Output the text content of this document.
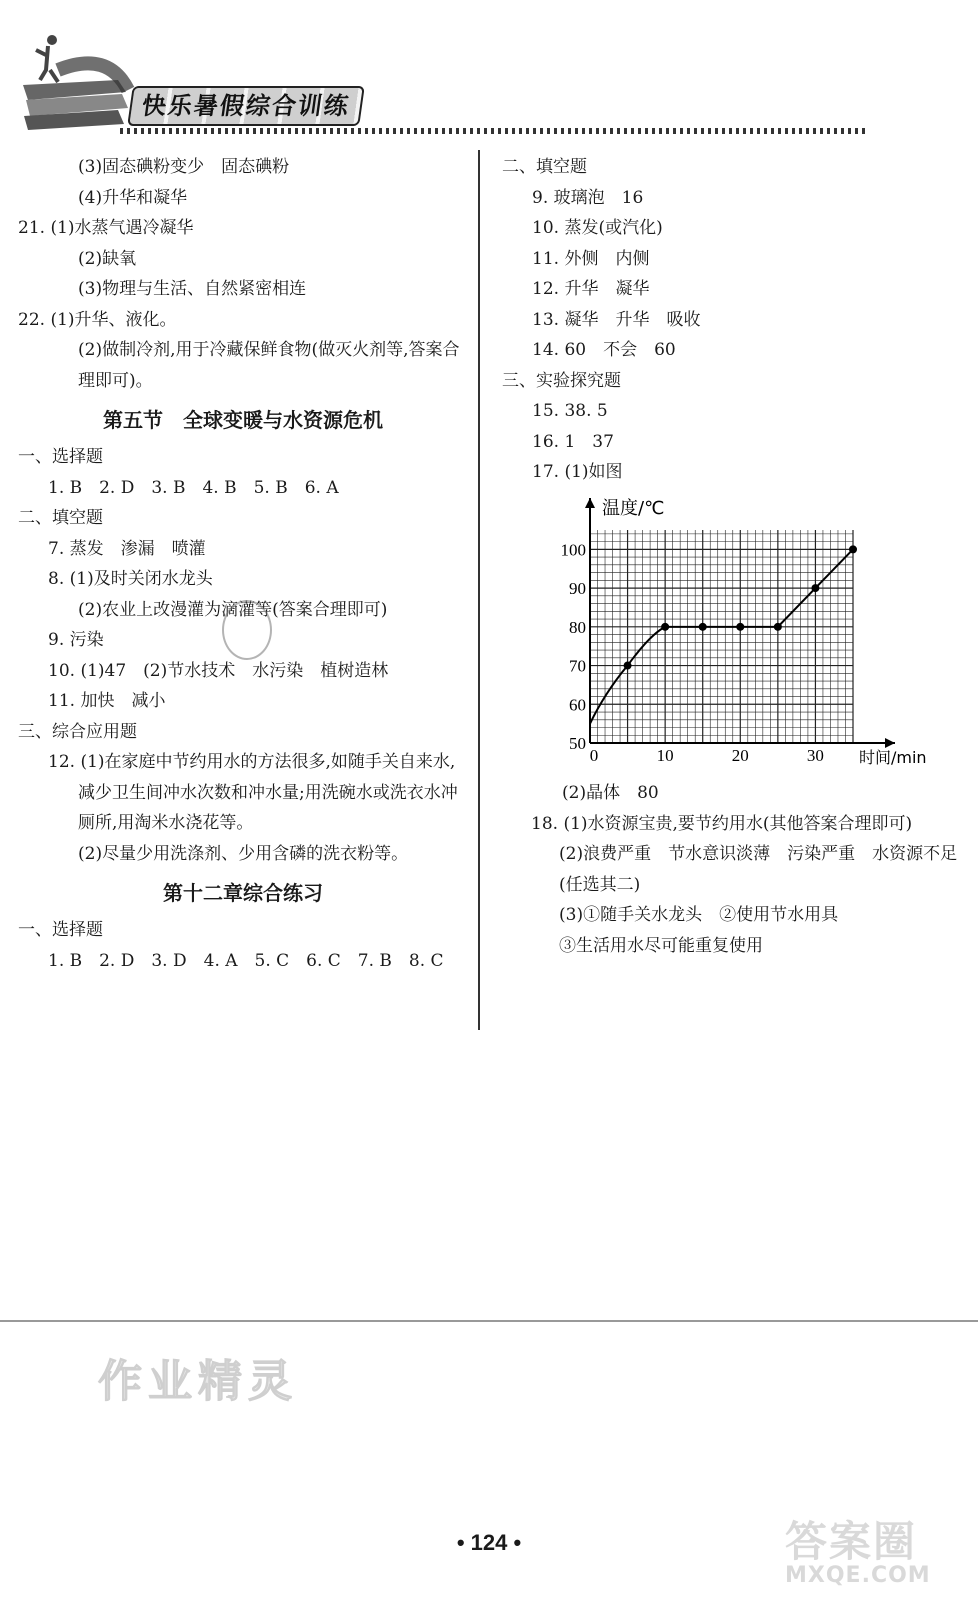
快乐暑假综合训练
(3)固态碘粉变少　固态碘粉
(4)升华和凝华
21. (1)水蒸气遇冷凝华
(2)缺氧
(3)物理与生活、自然紧密相连
22. (1)升华、液化。
(2)做制冷剂,用于冷藏保鲜食物(做灭火剂等,答案合理即可)。
第五节　全球变暖与水资源危机
一、选择题
1. B　2. D　3. B　4. B　5. B　6. A
二、填空题
7. 蒸发　渗漏　喷灌
8. (1)及时关闭水龙头
(2)农业上改漫灌为滴灌等(答案合理即可)
9. 污染
10. (1)47　(2)节水技术　水污染　植树造林
11. 加快　减小
三、综合应用题
12. (1)在家庭中节约用水的方法很多,如随手关自来水,减少卫生间冲水次数和冲水量;用洗碗水或洗衣水冲厕所,用淘米水浇花等。
(2)尽量少用洗涤剂、少用含磷的洗衣粉等。
第十二章综合练习
一、选择题
1. B　2. D　3. D　4. A　5. C　6. C　7. B　8. C
二、填空题
9. 玻璃泡　16
10. 蒸发(或汽化)
11. 外侧　内侧
12. 升华　凝华
13. 凝华　升华　吸收
14. 60　不会　60
三、实验探究题
15. 38. 5
16. 1　37
17. (1)如图
温度/℃
时间/min
50
60
70
80
90
100
0	10	20	30
(2)晶体　80
18. (1)水资源宝贵,要节约用水(其他答案合理即可)
(2)浪费严重　节水意识淡薄　污染严重　水资源不足(任选其二)
(3)①随手关水龙头　②使用节水用具
③生活用水尽可能重复使用
作业精灵
• 124 •	答案圈
MXQE.COM
